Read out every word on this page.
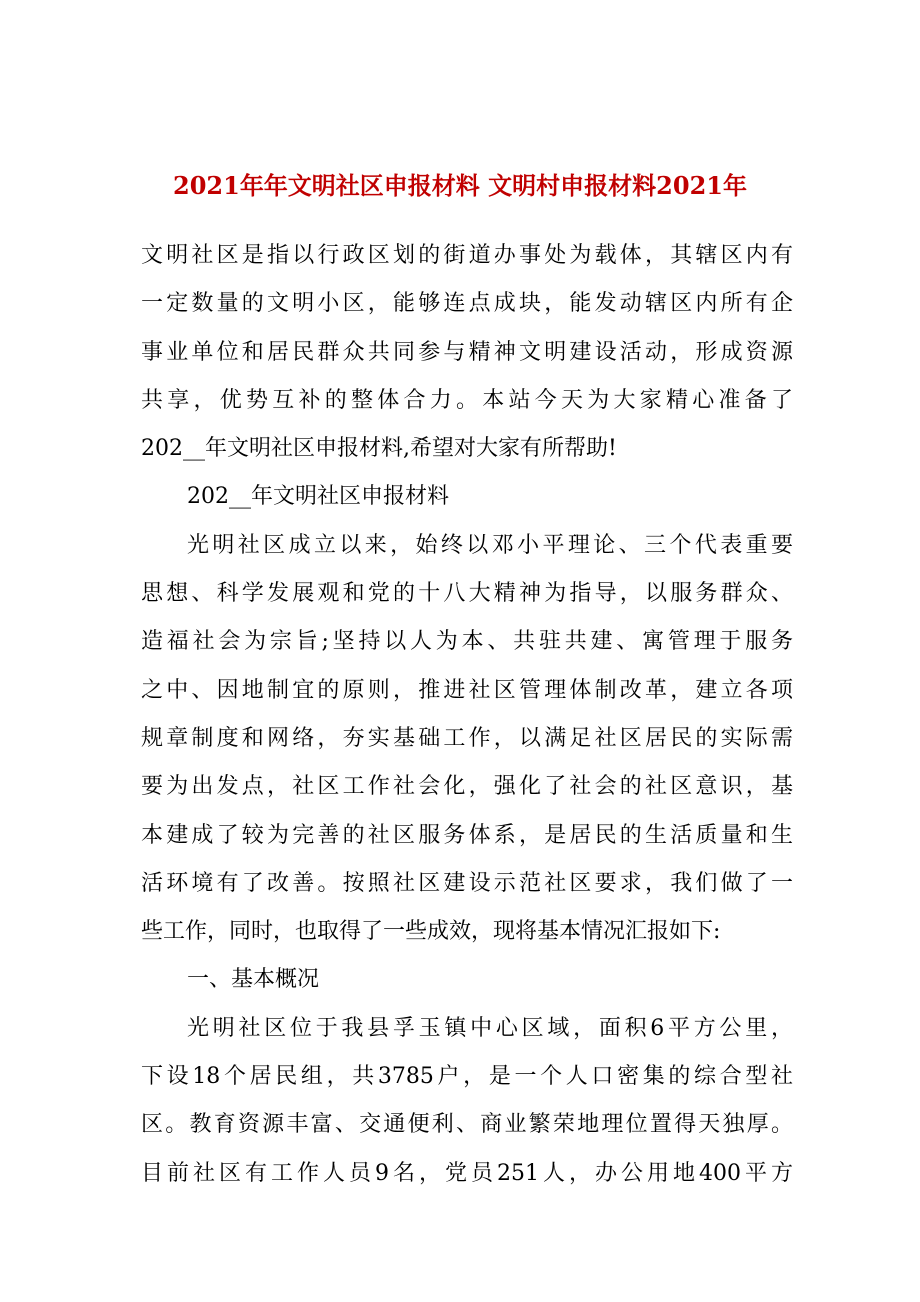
2021年年文明社区申报材料 文明村申报材料2021年
文明社区是指以行政区划的街道办事处为载体，其辖区内有
一定数量的文明小区，能够连点成块，能发动辖区内所有企
事业单位和居民群众共同参与精神文明建设活动，形成资源
共享，优势互补的整体合力。本站今天为大家精心准备了
202__年文明社区申报材料,希望对大家有所帮助!
202__年文明社区申报材料
光明社区成立以来，始终以邓小平理论、三个代表重要
思想、科学发展观和党的十八大精神为指导，以服务群众、
造福社会为宗旨;坚持以人为本、共驻共建、寓管理于服务
之中、因地制宜的原则，推进社区管理体制改革，建立各项
规章制度和网络，夯实基础工作，以满足社区居民的实际需
要为出发点，社区工作社会化，强化了社会的社区意识，基
本建成了较为完善的社区服务体系，是居民的生活质量和生
活环境有了改善。按照社区建设示范社区要求，我们做了一
些工作，同时，也取得了一些成效，现将基本情况汇报如下:
一、基本概况
光明社区位于我县孚玉镇中心区域，面积6平方公里，
下设18个居民组，共3785户，是一个人口密集的综合型社
区。教育资源丰富、交通便利、商业繁荣地理位置得天独厚。
目前社区有工作人员9名，党员251人，办公用地400平方
